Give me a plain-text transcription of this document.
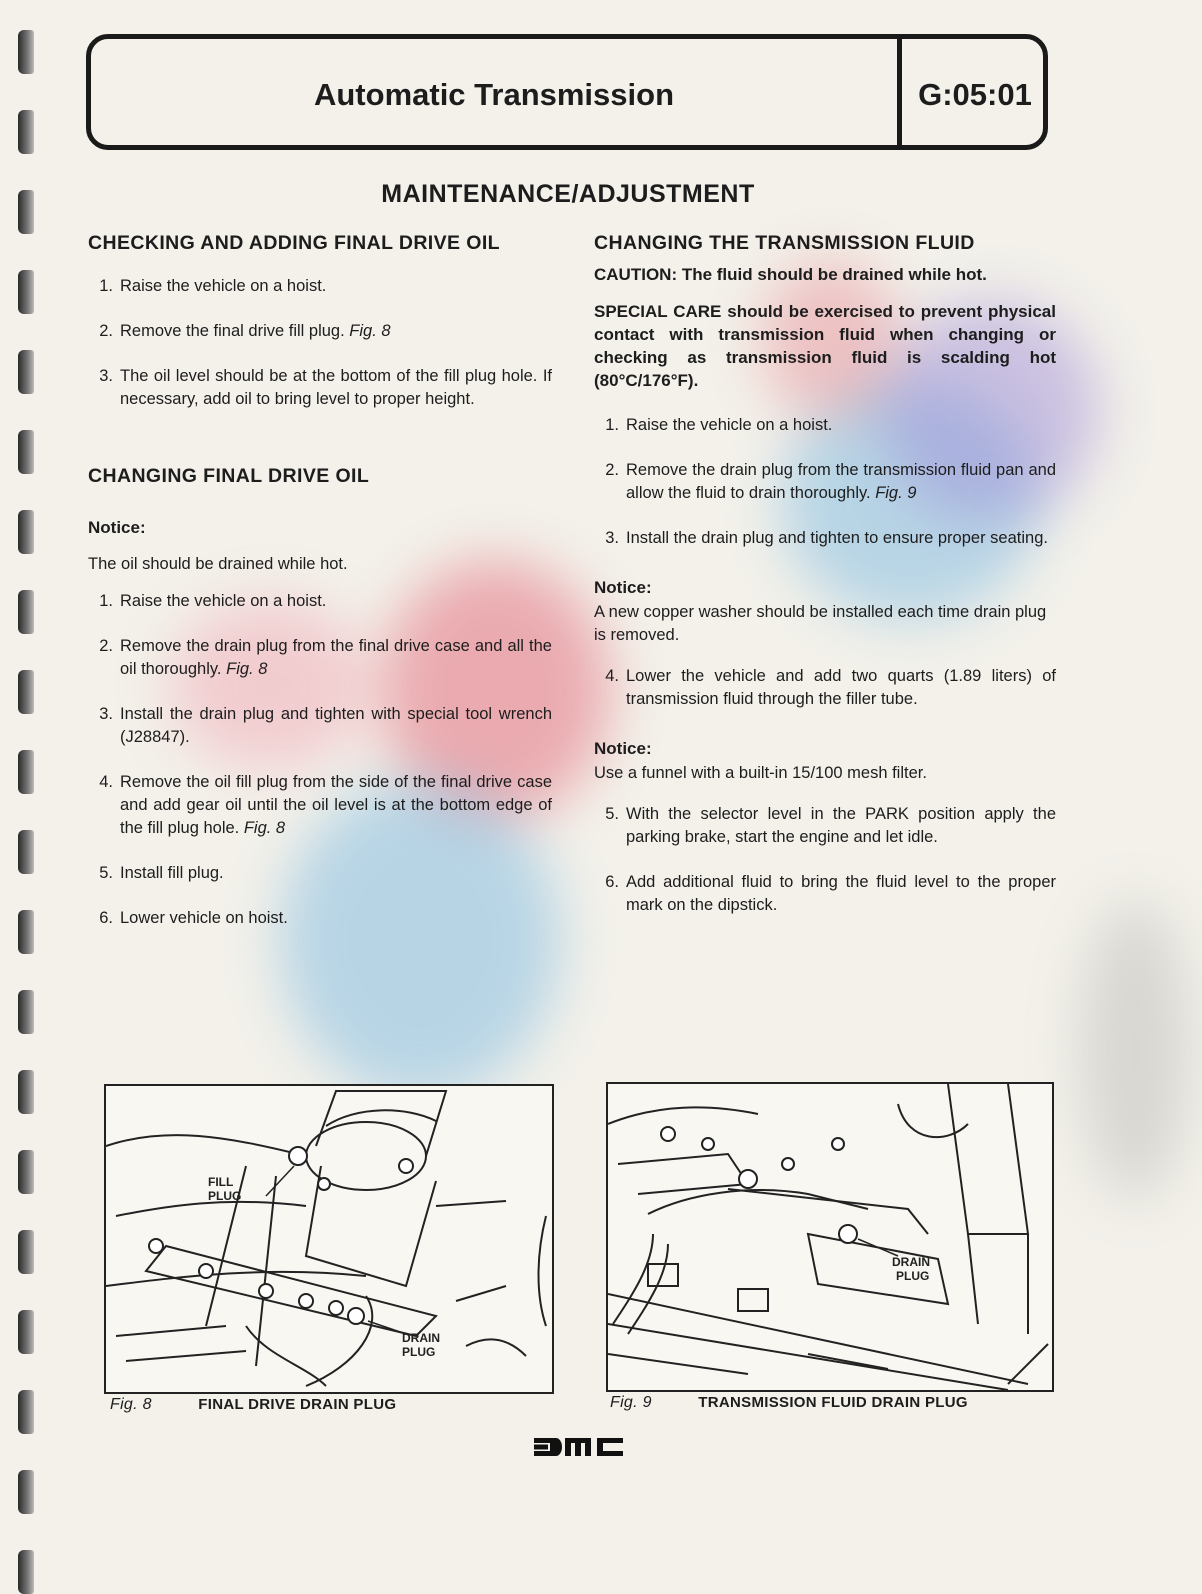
Automatic Transmission	G:05:01
MAINTENANCE/ADJUSTMENT
CHECKING AND ADDING FINAL DRIVE OIL
1. Raise the vehicle on a hoist.
2. Remove the final drive fill plug. Fig. 8
3. The oil level should be at the bottom of the fill plug hole. If necessary, add oil to bring level to proper height.
CHANGING FINAL DRIVE OIL

Notice:

The oil should be drained while hot.

1. Raise the vehicle on a hoist.
2. Remove the drain plug from the final drive case and all the oil thoroughly. Fig. 8
3. Install the drain plug and tighten with special tool wrench (J28847).
4. Remove the oil fill plug from the side of the final drive case and add gear oil until the oil level is at the bottom edge of the fill plug hole. Fig. 8
5. Install fill plug.
6. Lower vehicle on hoist.
CHANGING THE TRANSMISSION FLUID

CAUTION: The fluid should be drained while hot.

SPECIAL CARE should be exercised to prevent physical contact with transmission fluid when changing or checking as transmission fluid is scalding hot (80°C/176°F).

1. Raise the vehicle on a hoist.
2. Remove the drain plug from the transmission fluid pan and allow the fluid to drain thoroughly. Fig. 9
3. Install the drain plug and tighten to ensure proper seating.

Notice:

A new copper washer should be installed each time drain plug is removed.

4. Lower the vehicle and add two quarts (1.89 liters) of transmission fluid through the filler tube.

Notice:

Use a funnel with a built-in 15/100 mesh filter.

5. With the selector level in the PARK position apply the parking brake, start the engine and let idle.
6. Add additional fluid to bring the fluid level to the proper mark on the dipstick.
FILL
PLUG
DRAIN
PLUG
Fig. 8	FINAL DRIVE DRAIN PLUG
DRAIN
PLUG
Fig. 9	TRANSMISSION FLUID DRAIN PLUG
